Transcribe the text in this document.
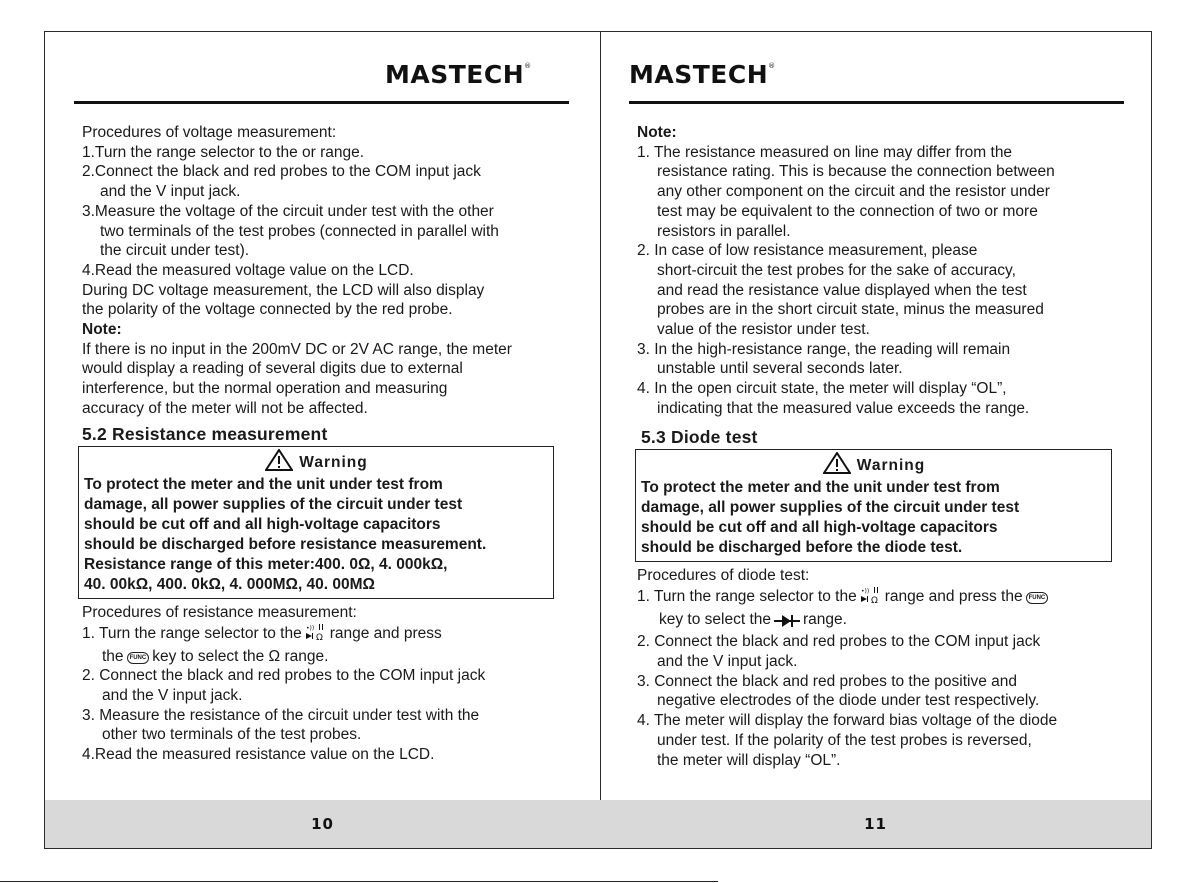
MASTECH®

Procedures of voltage measurement:

1.Turn the range selector to the or range.

2.Connect the black and red probes to the COM input jack

and the V input jack.

3.Measure the voltage of the circuit under test with the other

two terminals of the test probes (connected in parallel with

the circuit under test).

4.Read the measured voltage value on the LCD.

During DC voltage measurement, the LCD will also display

the polarity of the voltage connected by the red probe.

Note:

If there is no input in the 200mV DC or 2V AC range, the meter

would display a reading of several digits due to external

interference, but the normal operation and measuring

accuracy of the meter will not be affected.

5.2 Resistance measurement

Warning

To protect the meter and the unit under test from

damage, all power supplies of the circuit under test

should be cut off and all high-voltage capacitors

should be discharged before resistance measurement.

Resistance range of this meter:400. 0Ω, 4. 000kΩ,

40. 00kΩ, 400. 0kΩ, 4. 000MΩ, 40. 00MΩ

Procedures of resistance measurement:

1. Turn the range selector to the •))
Ω range and press

the FUNC key to select the Ω range.

2. Connect the black and red probes to the COM input jack

and the V input jack.

3. Measure the resistance of the circuit under test with the

other two terminals of the test probes.

4.Read the measured resistance value on the LCD.

10
MASTECH®

Note:

1. The resistance measured on line may differ from the

resistance rating. This is because the connection between

any other component on the circuit and the resistor under

test may be equivalent to the connection of two or more

resistors in parallel.

2. In case of low resistance measurement, please

short-circuit the test probes for the sake of accuracy,

and read the resistance value displayed when the test

probes are in the short circuit state, minus the measured

value of the resistor under test.

3. In the high-resistance range, the reading will remain

unstable until several seconds later.

4. In the open circuit state, the meter will display “OL”,

indicating that the measured value exceeds the range.

5.3 Diode test

Warning

To protect the meter and the unit under test from

damage, all power supplies of the circuit under test

should be cut off and all high-voltage capacitors

should be discharged before the diode test.

Procedures of diode test:

1. Turn the range selector to the •))
Ω range and press the FUNC

key to select the range.

2. Connect the black and red probes to the COM input jack

and the V input jack.

3. Connect the black and red probes to the positive and

negative electrodes of the diode under test respectively.

4. The meter will display the forward bias voltage of the diode

under test. If the polarity of the test probes is reversed,

the meter will display “OL”.

11
